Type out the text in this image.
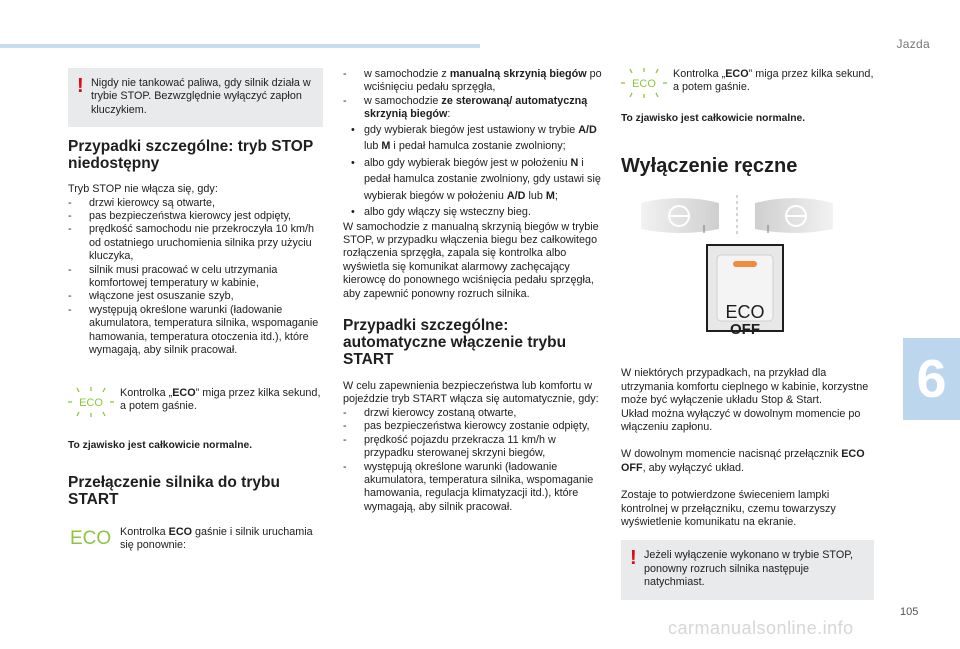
Jazda
6
105
! Nigdy nie tankować paliwa, gdy silnik działa w trybie STOP. Bezwzględnie wyłączyć zapłon kluczykiem.

Przypadki szczególne: tryb STOP niedostępny

Tryb STOP nie włącza się, gdy:

- drzwi kierowcy są otwarte,
- pas bezpieczeństwa kierowcy jest odpięty,
- prędkość samochodu nie przekroczyła 10 km/h od ostatniego uruchomienia silnika przy użyciu kluczyka,
- silnik musi pracować w celu utrzymania komfortowej temperatury w kabinie,
- włączone jest osuszanie szyb,
- występują określone warunki (ładowanie akumulatora, temperatura silnika, wspomaganie hamowania, temperatura otoczenia itd.), które wymagają, aby silnik pracował.
ECO

Kontrolka „ECO” miga przez kilka sekund, a potem gaśnie.

To zjawisko jest całkowicie normalne.

Przełączenie silnika do trybu START
ECO Kontrolka ECO gaśnie i silnik uruchamia się ponownie:

- w samochodzie z manualną skrzynią biegów po wciśnięciu pedału sprzęgła,
- w samochodzie ze sterowaną/ automatyczną skrzynią biegów:
• gdy wybierak biegów jest ustawiony w trybie A/D lub M i pedał hamulca zostanie zwolniony;
• albo gdy wybierak biegów jest w położeniu N i pedał hamulca zostanie zwolniony, gdy ustawi się wybierak biegów w położeniu A/D lub M;
• albo gdy włączy się wsteczny bieg.

W samochodzie z manualną skrzynią biegów w trybie STOP, w przypadku włączenia biegu bez całkowitego rozłączenia sprzęgła, zapala się kontrolka albo wyświetla się komunikat alarmowy zachęcający kierowcę do ponownego wciśnięcia pedału sprzęgła, aby zapewnić ponowny rozruch silnika.

Przypadki szczególne: automatyczne włączenie trybu START

W celu zapewnienia bezpieczeństwa lub komfortu w pojeździe tryb START włącza się automatycznie, gdy:

- drzwi kierowcy zostaną otwarte,
- pas bezpieczeństwa kierowcy zostanie odpięty,
- prędkość pojazdu przekracza 11 km/h w przypadku sterowanej skrzyni biegów,
- występują określone warunki (ładowanie akumulatora, temperatura silnika, wspomaganie hamowania, regulacja klimatyzacji itd.), które wymagają, aby silnik pracował.
ECO

Kontrolka „ECO” miga przez kilka sekund, a potem gaśnie.

To zjawisko jest całkowicie normalne.

Wyłączenie ręczne
ECO
OFF

W niektórych przypadkach, na przykład dla utrzymania komfortu cieplnego w kabinie, korzystne może być wyłączenie układu Stop & Start.
Układ można wyłączyć w dowolnym momencie po włączeniu zapłonu.

W dowolnym momencie nacisnąć przełącznik ECO OFF, aby wyłączyć układ.

Zostaje to potwierdzone świeceniem lampki kontrolnej w przełączniku, czemu towarzyszy wyświetlenie komunikatu na ekranie.

! Jeżeli wyłączenie wykonano w trybie STOP, ponowny rozruch silnika następuje natychmiast.

carmanualsonline.info
